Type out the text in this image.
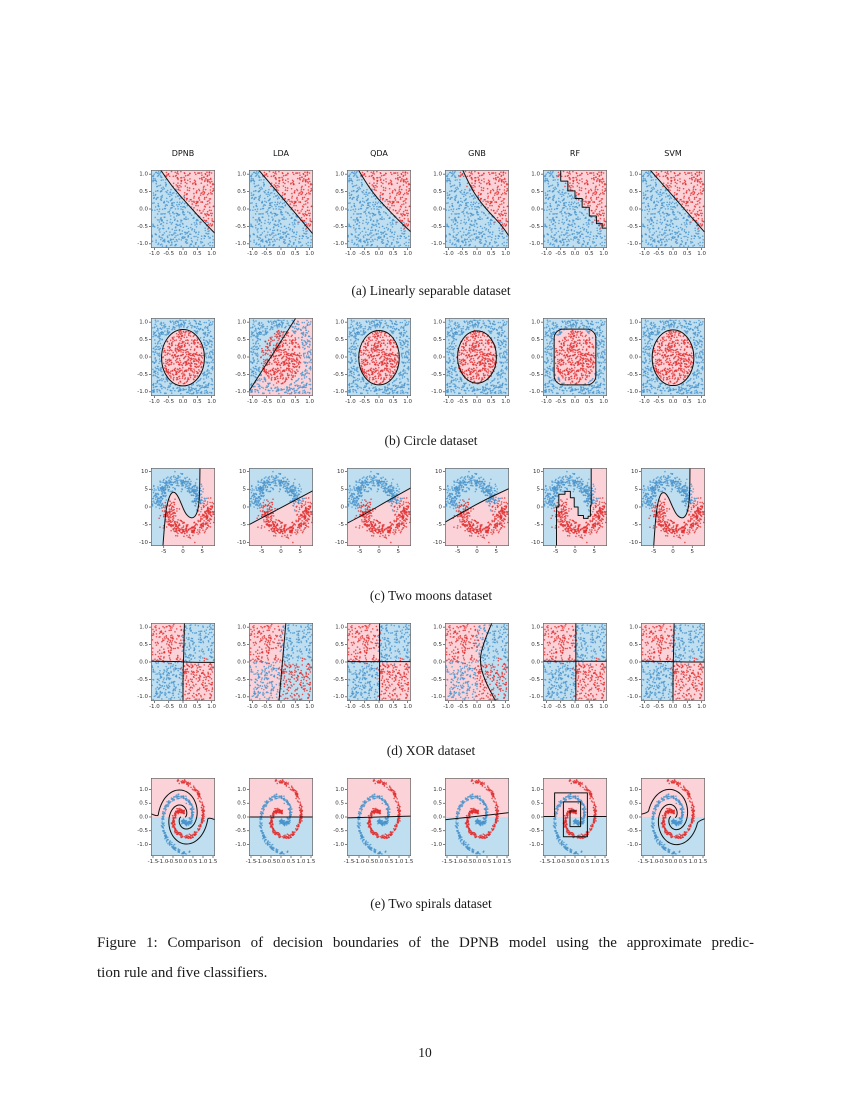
DPNB	LDA	QDA	GNB	RF	SVM
(a) Linearly separable dataset
(b) Circle dataset
(c) Two moons dataset
(d) XOR dataset
(e) Two spirals dataset
Figure 1: Comparison of decision boundaries of the DPNB model using the approximate predic-
tion rule and five classifiers.
10
